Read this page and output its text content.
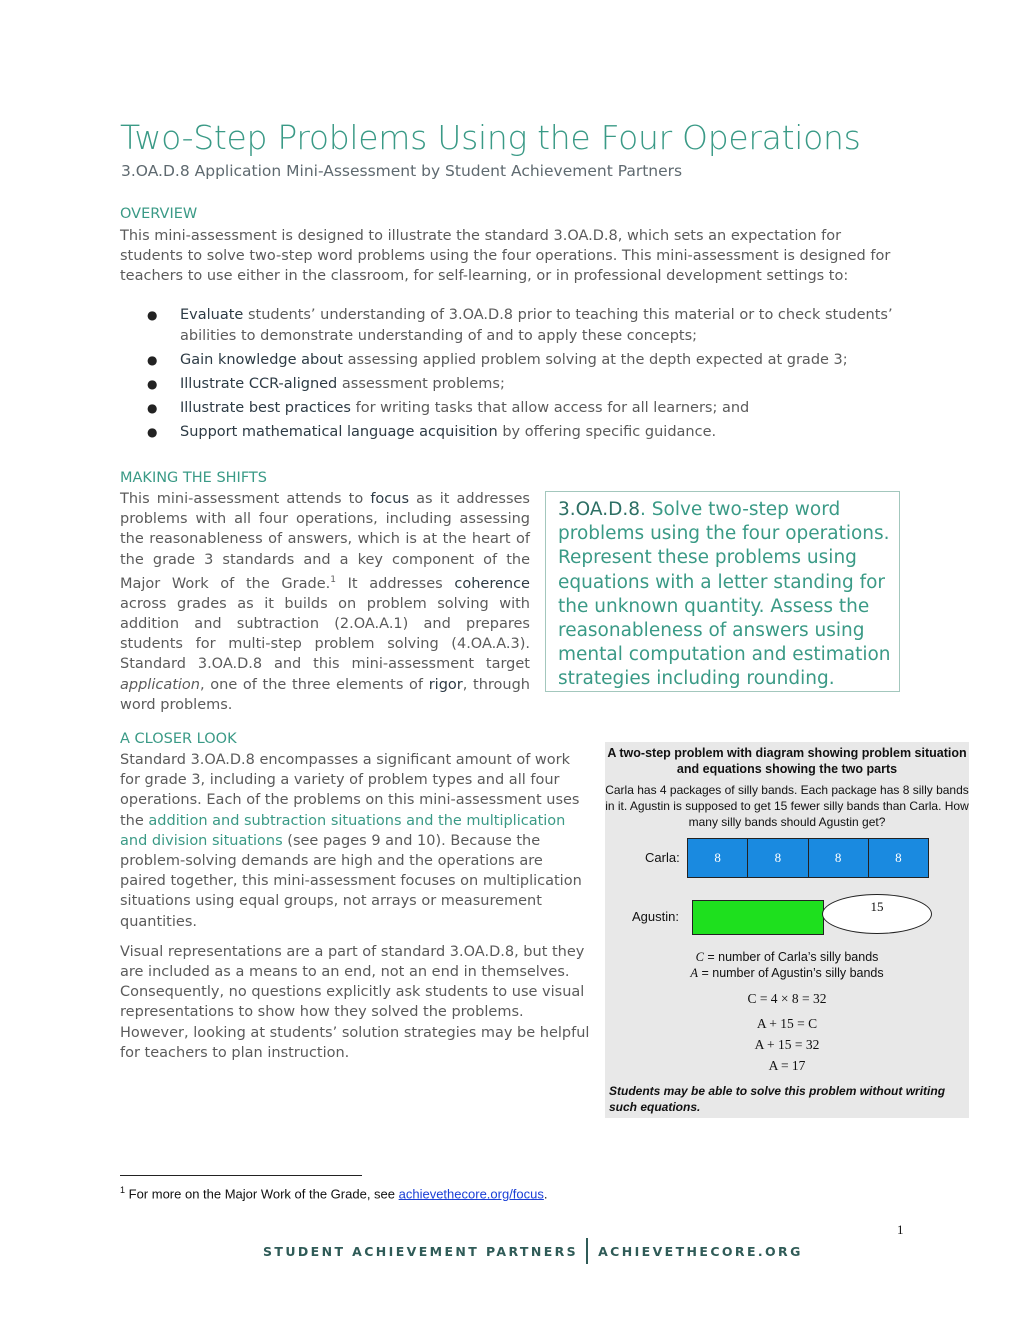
Two-Step Problems Using the Four Operations
3.OA.D.8 Application Mini-Assessment by Student Achievement Partners
OVERVIEW
This mini-assessment is designed to illustrate the standard 3.OA.D.8, which sets an expectation for students to solve two-step word problems using the four operations. This mini-assessment is designed for teachers to use either in the classroom, for self-learning, or in professional development settings to:
● Evaluate students’ understanding of 3.OA.D.8 prior to teaching this material or to check students’ abilities to demonstrate understanding of and to apply these concepts;
● Gain knowledge about assessing applied problem solving at the depth expected at grade 3;
● Illustrate CCR-aligned assessment problems;
● Illustrate best practices for writing tasks that allow access for all learners; and
● Support mathematical language acquisition by offering specific guidance.
MAKING THE SHIFTS
This mini-assessment attends to focus as it addresses problems with all four operations, including assessing the reasonableness of answers, which is at the heart of the grade 3 standards and a key component of the Major Work of the Grade.$^1$ It addresses coherence across grades as it builds on problem solving with addition and subtraction (2.OA.A.1) and prepares students for multi-step problem solving (4.OA.A.3). Standard 3.OA.D.8 and this mini-assessment target application, one of the three elements of rigor, through word problems.
3.OA.D.8. Solve two-step word problems using the four operations. Represent these problems using equations with a letter standing for the unknown quantity. Assess the reasonableness of answers using mental computation and estimation strategies including rounding.
A CLOSER LOOK
Standard 3.OA.D.8 encompasses a significant amount of work for grade 3, including a variety of problem types and all four operations. Each of the problems on this mini-assessment uses the addition and subtraction situations and the multiplication and division situations (see pages 9 and 10). Because the problem-solving demands are high and the operations are paired together, this mini-assessment focuses on multiplication situations using equal groups, not arrays or measurement quantities.
Visual representations are a part of standard 3.OA.D.8, but they are included as a means to an end, not an end in themselves. Consequently, no questions explicitly ask students to use visual representations to show how they solved the problems. However, looking at students’ solution strategies may be helpful for teachers to plan instruction.
A two-step problem with diagram showing problem situation and equations showing the two parts
Carla has 4 packages of silly bands. Each package has 8 silly bands in it. Agustin is supposed to get 15 fewer silly bands than Carla. How many silly bands should Agustin get?
Carla:	8	8	8	8
Agustin:
15
C = number of Carla’s silly bands
A = number of Agustin’s silly bands
C = 4 × 8 = 32
A + 15 = C
A + 15 = 32
A = 17
Students may be able to solve this problem without writing such equations.
$^1$ For more on the Major Work of the Grade, see achievethecore.org/focus.
1
STUDENT ACHIEVEMENT PARTNERS ACHIEVETHECORE.ORG
